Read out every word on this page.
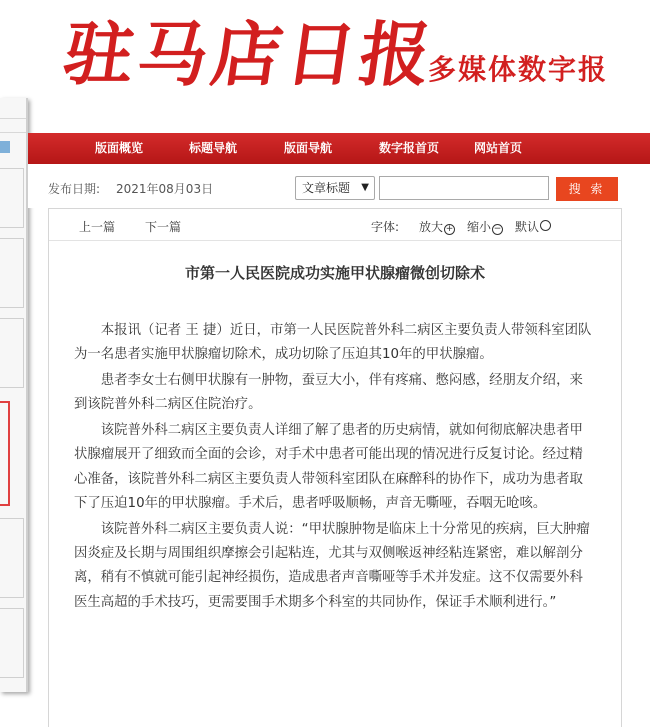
驻马店日报
多媒体数字报
版面概览	标题导航	版面导航	数字报首页	网站首页
发布日期: 2021年08月03日	文章标题 ▼	搜 索
上一篇 下一篇	字体: 放大 + 缩小 − 默认
市第一人民医院成功实施甲状腺瘤微创切除术

本报讯（记者 王 捷）近日，市第一人民医院普外科二病区主要负责人带领科室团队为一名患者实施甲状腺瘤切除术，成功切除了压迫其10年的甲状腺瘤。

患者李女士右侧甲状腺有一肿物，蚕豆大小，伴有疼痛、憋闷感，经朋友介绍，来到该院普外科二病区住院治疗。

该院普外科二病区主要负责人详细了解了患者的历史病情，就如何彻底解决患者甲状腺瘤展开了细致而全面的会诊，对手术中患者可能出现的情况进行反复讨论。经过精心准备，该院普外科二病区主要负责人带领科室团队在麻醉科的协作下，成功为患者取下了压迫10年的甲状腺瘤。手术后，患者呼吸顺畅，声音无嘶哑，吞咽无呛咳。

该院普外科二病区主要负责人说：“甲状腺肿物是临床上十分常见的疾病，巨大肿瘤因炎症及长期与周围组织摩擦会引起粘连，尤其与双侧喉返神经粘连紧密，难以解剖分离，稍有不慎就可能引起神经损伤，造成患者声音嘶哑等手术并发症。这不仅需要外科医生高超的手术技巧，更需要围手术期多个科室的共同协作，保证手术顺利进行。”
